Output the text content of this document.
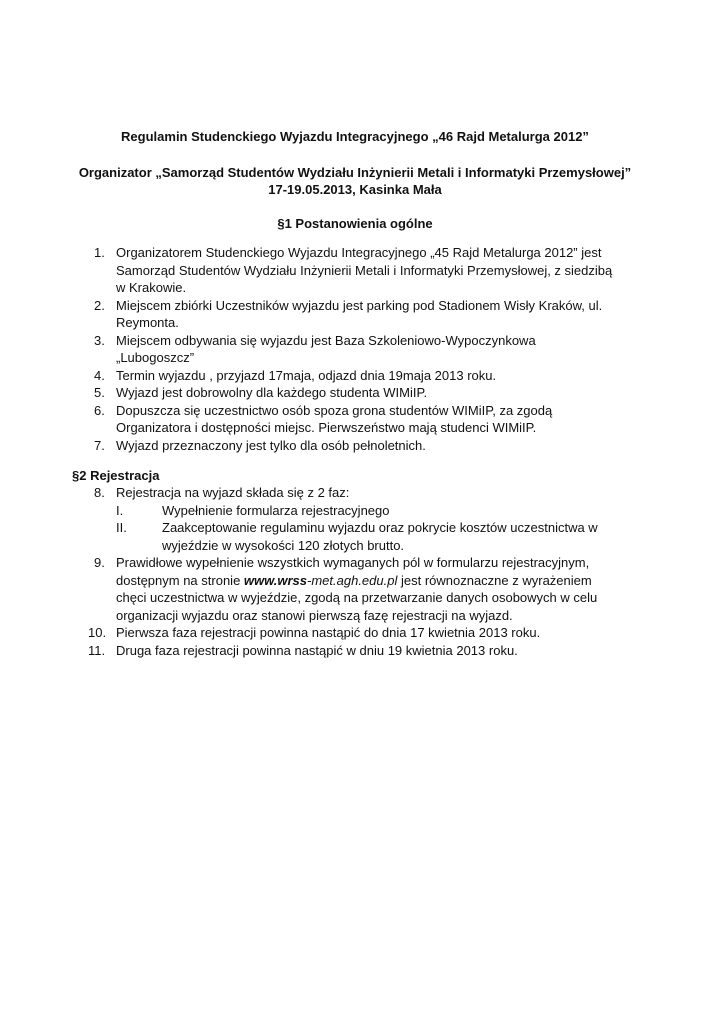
Regulamin Studenckiego Wyjazdu Integracyjnego „46 Rajd Metalurga 2012”
Organizator „Samorząd Studentów Wydziału Inżynierii Metali i Informatyki Przemysłowej”
17-19.05.2013, Kasinka Mała
§1 Postanowienia ogólne
1. Organizatorem Studenckiego Wyjazdu Integracyjnego „45 Rajd Metalurga 2012” jest Samorząd Studentów Wydziału Inżynierii Metali i Informatyki Przemysłowej, z siedzibą w Krakowie.
2. Miejscem zbiórki Uczestników wyjazdu jest parking pod Stadionem Wisły Kraków, ul. Reymonta.
3. Miejscem odbywania się wyjazdu jest Baza Szkoleniowo-Wypoczynkowa „Lubogoszcz”
4. Termin wyjazdu , przyjazd 17maja, odjazd dnia 19maja 2013 roku.
5. Wyjazd jest dobrowolny dla każdego studenta WIMiIP.
6. Dopuszcza się uczestnictwo osób spoza grona studentów WIMiIP, za zgodą Organizatora i dostępności miejsc. Pierwszeństwo mają studenci WIMiIP.
7. Wyjazd przeznaczony jest tylko dla osób pełnoletnich.
§2 Rejestracja
8. Rejestracja na wyjazd składa się z 2 faz:
I.	Wypełnienie formularza rejestracyjnego
II.	Zaakceptowanie regulaminu wyjazdu oraz pokrycie kosztów uczestnictwa w wyjeździe w wysokości 120 złotych brutto.
9. Prawidłowe wypełnienie wszystkich wymaganych pól w formularzu rejestracyjnym, dostępnym na stronie www.wrss-met.agh.edu.pl jest równoznaczne z wyrażeniem chęci uczestnictwa w wyjeździe, zgodą na przetwarzanie danych osobowych w celu organizacji wyjazdu oraz stanowi pierwszą fazę rejestracji na wyjazd.
10. Pierwsza faza rejestracji powinna nastąpić do dnia 17 kwietnia 2013 roku.
11. Druga faza rejestracji powinna nastąpić w dniu 19 kwietnia 2013 roku.
